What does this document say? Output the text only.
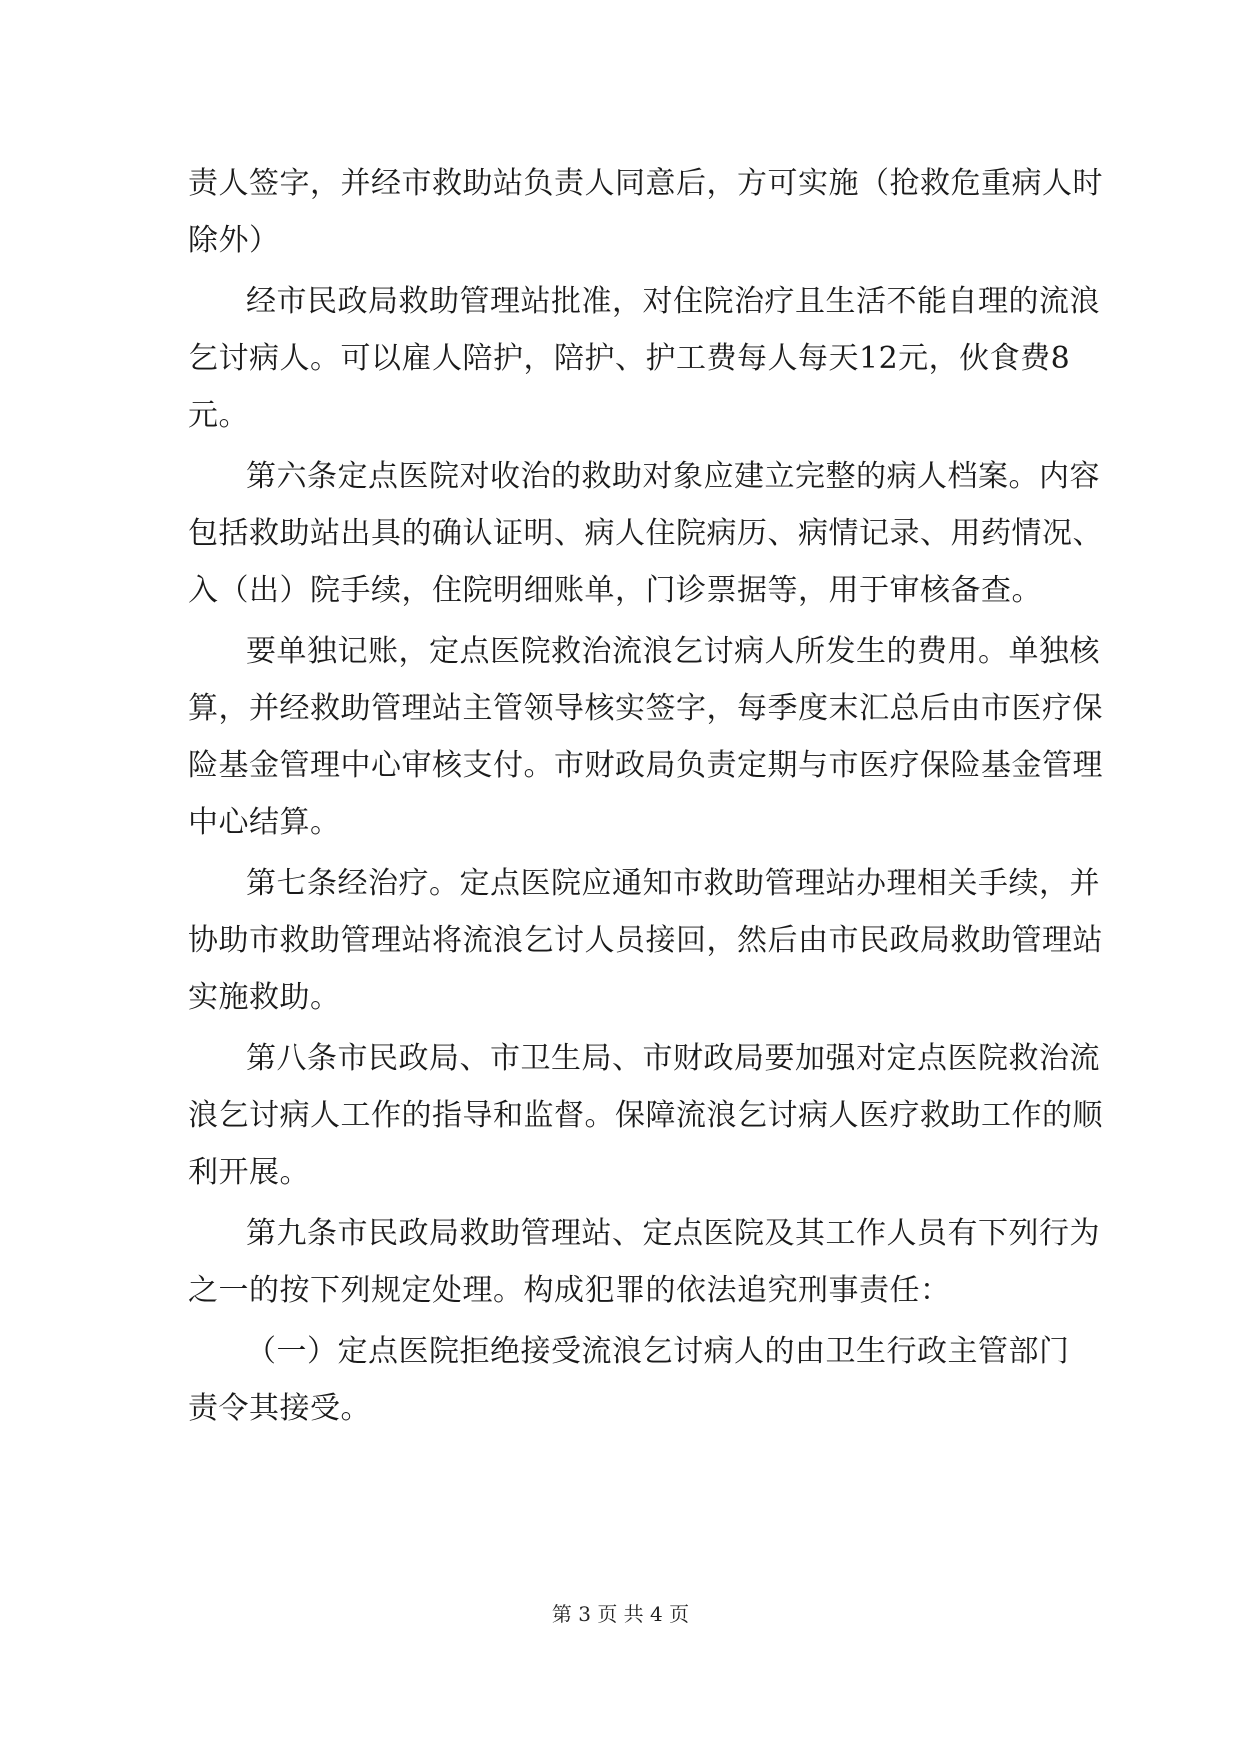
责人签字，并经市救助站负责人同意后，方可实施（抢救危重病人时
除外）
经市民政局救助管理站批准，对住院治疗且生活不能自理的流浪
乞讨病人。可以雇人陪护，陪护、护工费每人每天12元，伙食费8
元。
第六条定点医院对收治的救助对象应建立完整的病人档案。内容
包括救助站出具的确认证明、病人住院病历、病情记录、用药情况、
入（出）院手续，住院明细账单，门诊票据等，用于审核备查。
要单独记账，定点医院救治流浪乞讨病人所发生的费用。单独核
算，并经救助管理站主管领导核实签字，每季度末汇总后由市医疗保
险基金管理中心审核支付。市财政局负责定期与市医疗保险基金管理
中心结算。
第七条经治疗。定点医院应通知市救助管理站办理相关手续，并
协助市救助管理站将流浪乞讨人员接回，然后由市民政局救助管理站
实施救助。
第八条市民政局、市卫生局、市财政局要加强对定点医院救治流
浪乞讨病人工作的指导和监督。保障流浪乞讨病人医疗救助工作的顺
利开展。
第九条市民政局救助管理站、定点医院及其工作人员有下列行为
之一的按下列规定处理。构成犯罪的依法追究刑事责任：
（一）定点医院拒绝接受流浪乞讨病人的由卫生行政主管部门
责令其接受。
第 3 页 共 4 页
